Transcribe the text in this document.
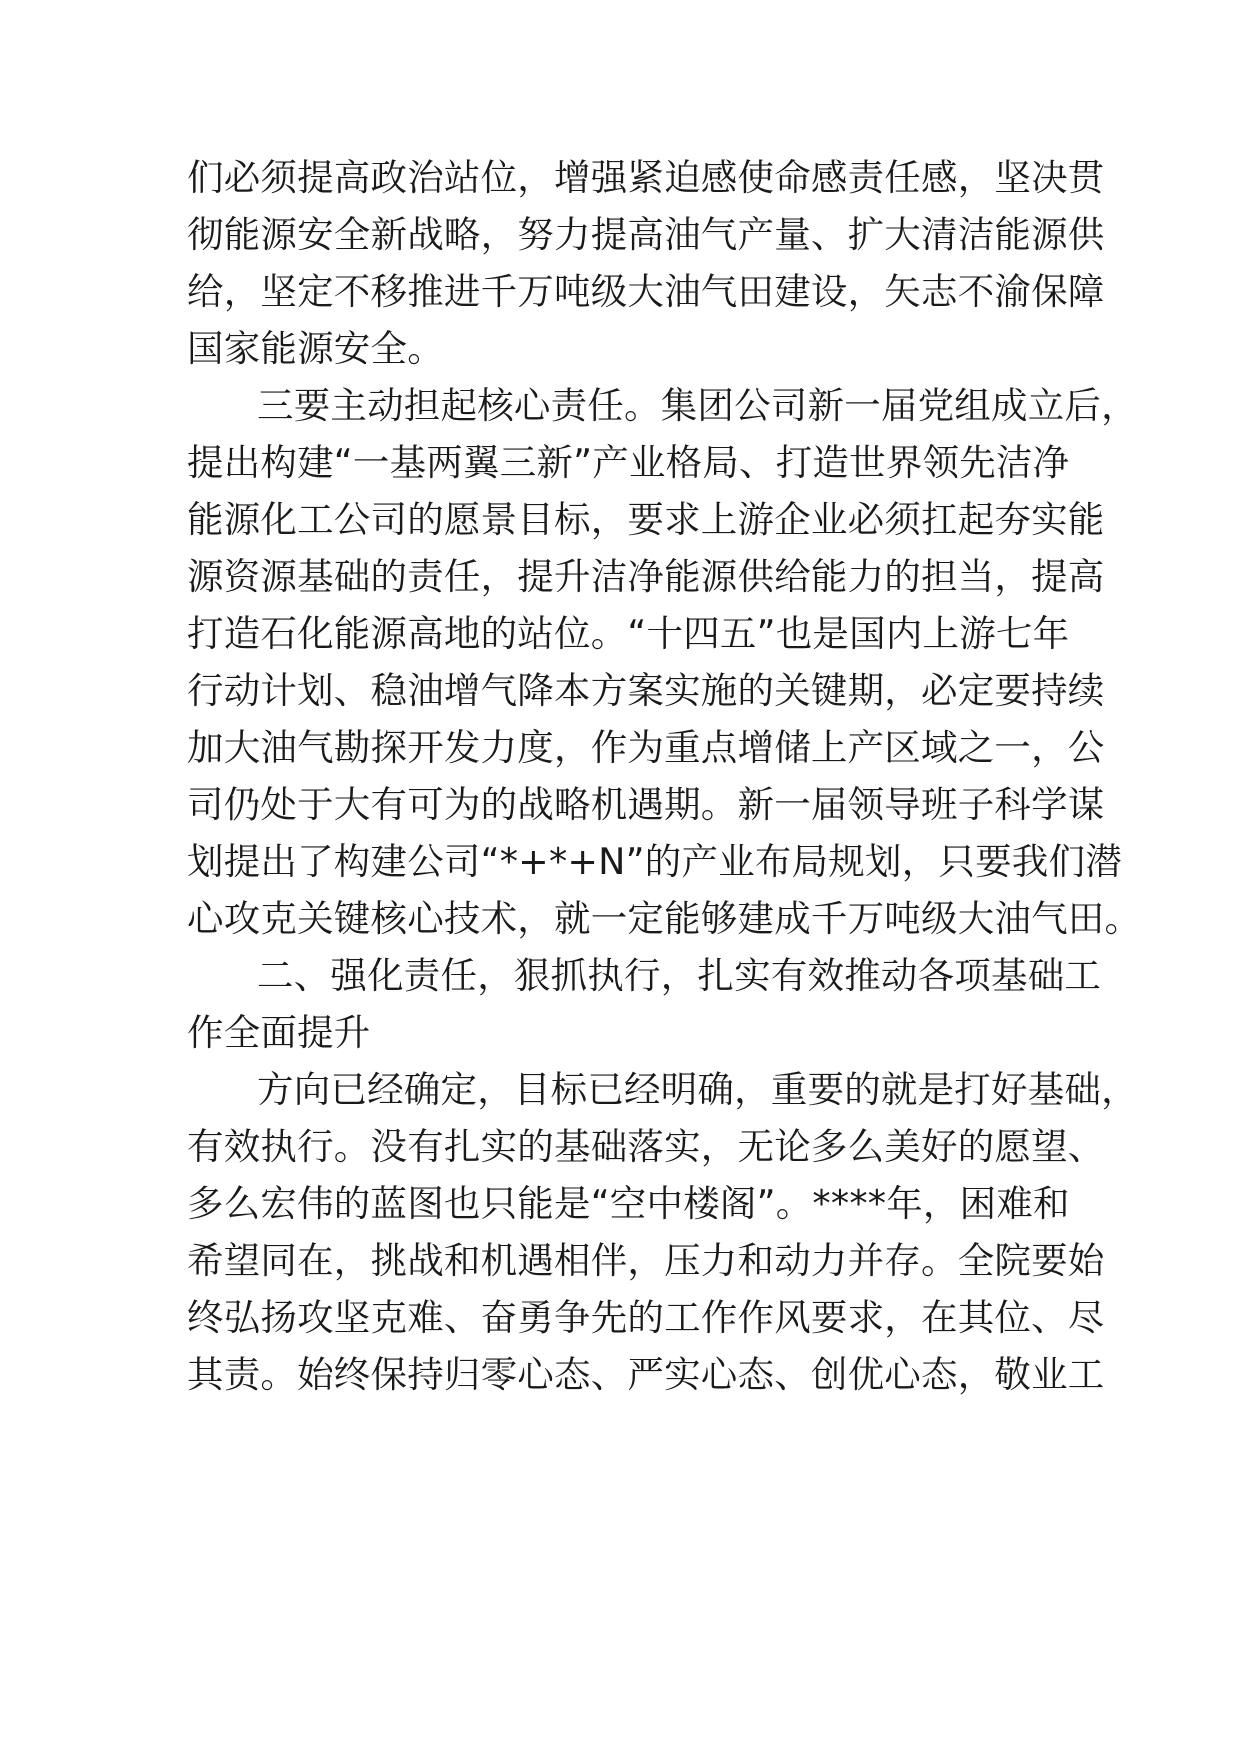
们必须提高政治站位，增强紧迫感使命感责任感，坚决贯
彻能源安全新战略，努力提高油气产量、扩大清洁能源供
给，坚定不移推进千万吨级大油气田建设，矢志不渝保障
国家能源安全。
三要主动担起核心责任。集团公司新一届党组成立后，
提出构建“一基两翼三新”产业格局、打造世界领先洁净
能源化工公司的愿景目标，要求上游企业必须扛起夯实能
源资源基础的责任，提升洁净能源供给能力的担当，提高
打造石化能源高地的站位。“十四五”也是国内上游七年
行动计划、稳油增气降本方案实施的关键期，必定要持续
加大油气勘探开发力度，作为重点增储上产区域之一，公
司仍处于大有可为的战略机遇期。新一届领导班子科学谋
划提出了构建公司“*+*+N”的产业布局规划，只要我们潜
心攻克关键核心技术，就一定能够建成千万吨级大油气田。
二、强化责任，狠抓执行，扎实有效推动各项基础工
作全面提升
方向已经确定，目标已经明确，重要的就是打好基础，
有效执行。没有扎实的基础落实，无论多么美好的愿望、
多么宏伟的蓝图也只能是“空中楼阁”。****年，困难和
希望同在，挑战和机遇相伴，压力和动力并存。全院要始
终弘扬攻坚克难、奋勇争先的工作作风要求，在其位、尽
其责。始终保持归零心态、严实心态、创优心态，敬业工
